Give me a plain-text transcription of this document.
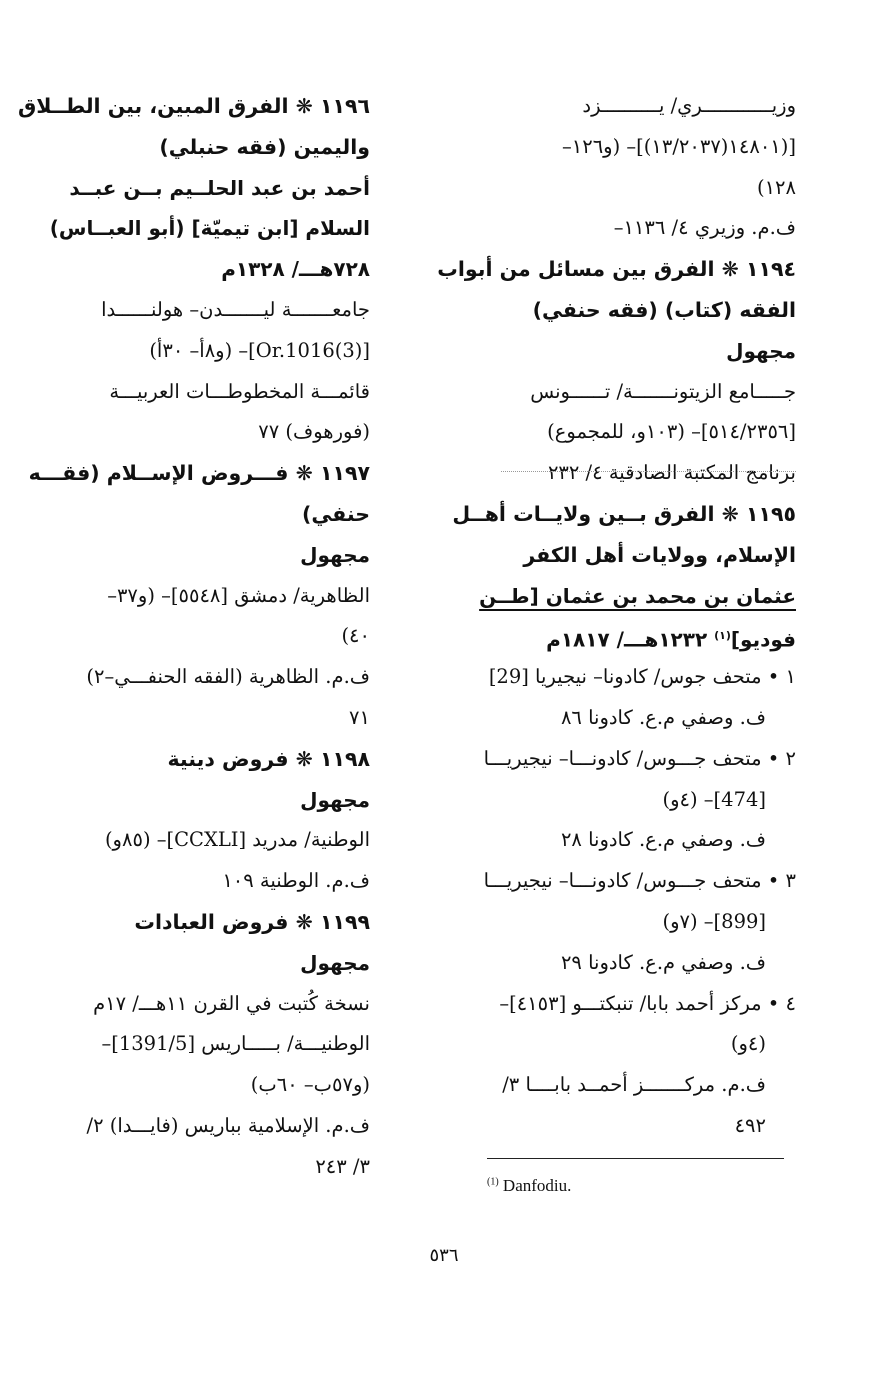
وزيــــــــــــري/ يــــــــــزد
[(١٤٨٠١(١٣/٢٠٣٧)]– (و١٢٦–
١٢٨)
ف.م. وزيري ٤/ ١١٣٦–
١١٩٤ ❋ الفرق بين مسائل من أبواب
الفقه (كتاب) (فقه حنفي)
مجهول
جـــــامع الزيتونـــــــة/ تــــــونس
[٥١٤/٢٣٥٦]– (١٠٣و، للمجموع)
برنامج المكتبة الصادقية ٤/ ٢٣٢
١١٩٥ ❋ الفرق بــين ولايــات أهــل
الإسلام، وولايات أهل الكفر
عثمان بن محمد بن عثمان [طــن
فوديو]$^{(١)}$ ١٢٣٢هـــ/ ١٨١٧م
١ • متحف جوس/ كادونا– نيجيريا [29]
ف. وصفي م.ع. كادونا ٨٦
٢ • متحف جـــوس/ كادونـــا– نيجيريـــا
[474]– (٤و)
ف. وصفي م.ع. كادونا ٢٨
٣ • متحف جـــوس/ كادونـــا– نيجيريـــا
[899]– (٧و)
ف. وصفي م.ع. كادونا ٢٩
٤ • مركز أحمد بابا/ تنبكتـــو [٤١٥٣]–
(٤و)
ف.م. مركـــــــز أحمــد بابــــا ٣/
٤٩٢
١١٩٦ ❋ الفرق المبين، بين الطــلاق
واليمين (فقه حنبلي)
أحمد بن عبد الحلــيم بــن عبــد
السلام [ابن تيميّة] (أبو العبــاس)
٧٢٨هـــ/ ١٣٢٨م
جامعـــــــة ليـــــــدن– هولنــــــدا
[Or.1016(3)]– (و٨أ– ٣٠أ)
قائمـــة المخطوطـــات العربيـــة
(فورهوف) ٧٧
١١٩٧ ❋ فـــروض الإســلام (فقـــه
حنفي)
مجهول
الظاهرية/ دمشق [٥٥٤٨]– (و٣٧–
٤٠)
ف.م. الظاهرية (الفقه الحنفـــي–٢)
٧١
١١٩٨ ❋ فروض دينية
مجهول
الوطنية/ مدريد [CCXLI]– (٨٥و)
ف.م. الوطنية ١٠٩
١١٩٩ ❋ فروض العبادات
مجهول
نسخة كُتبت في القرن ١١هـــ/ ١٧م
الوطنيـــة/ بـــــاريس [1391/5]–
(و٥٧ب– ٦٠ب)
ف.م. الإسلامية بباريس (فايـــدا) ٢/
٣/ ٢٤٣
$^{(1)}$ Danfodiu.
٥٣٦
